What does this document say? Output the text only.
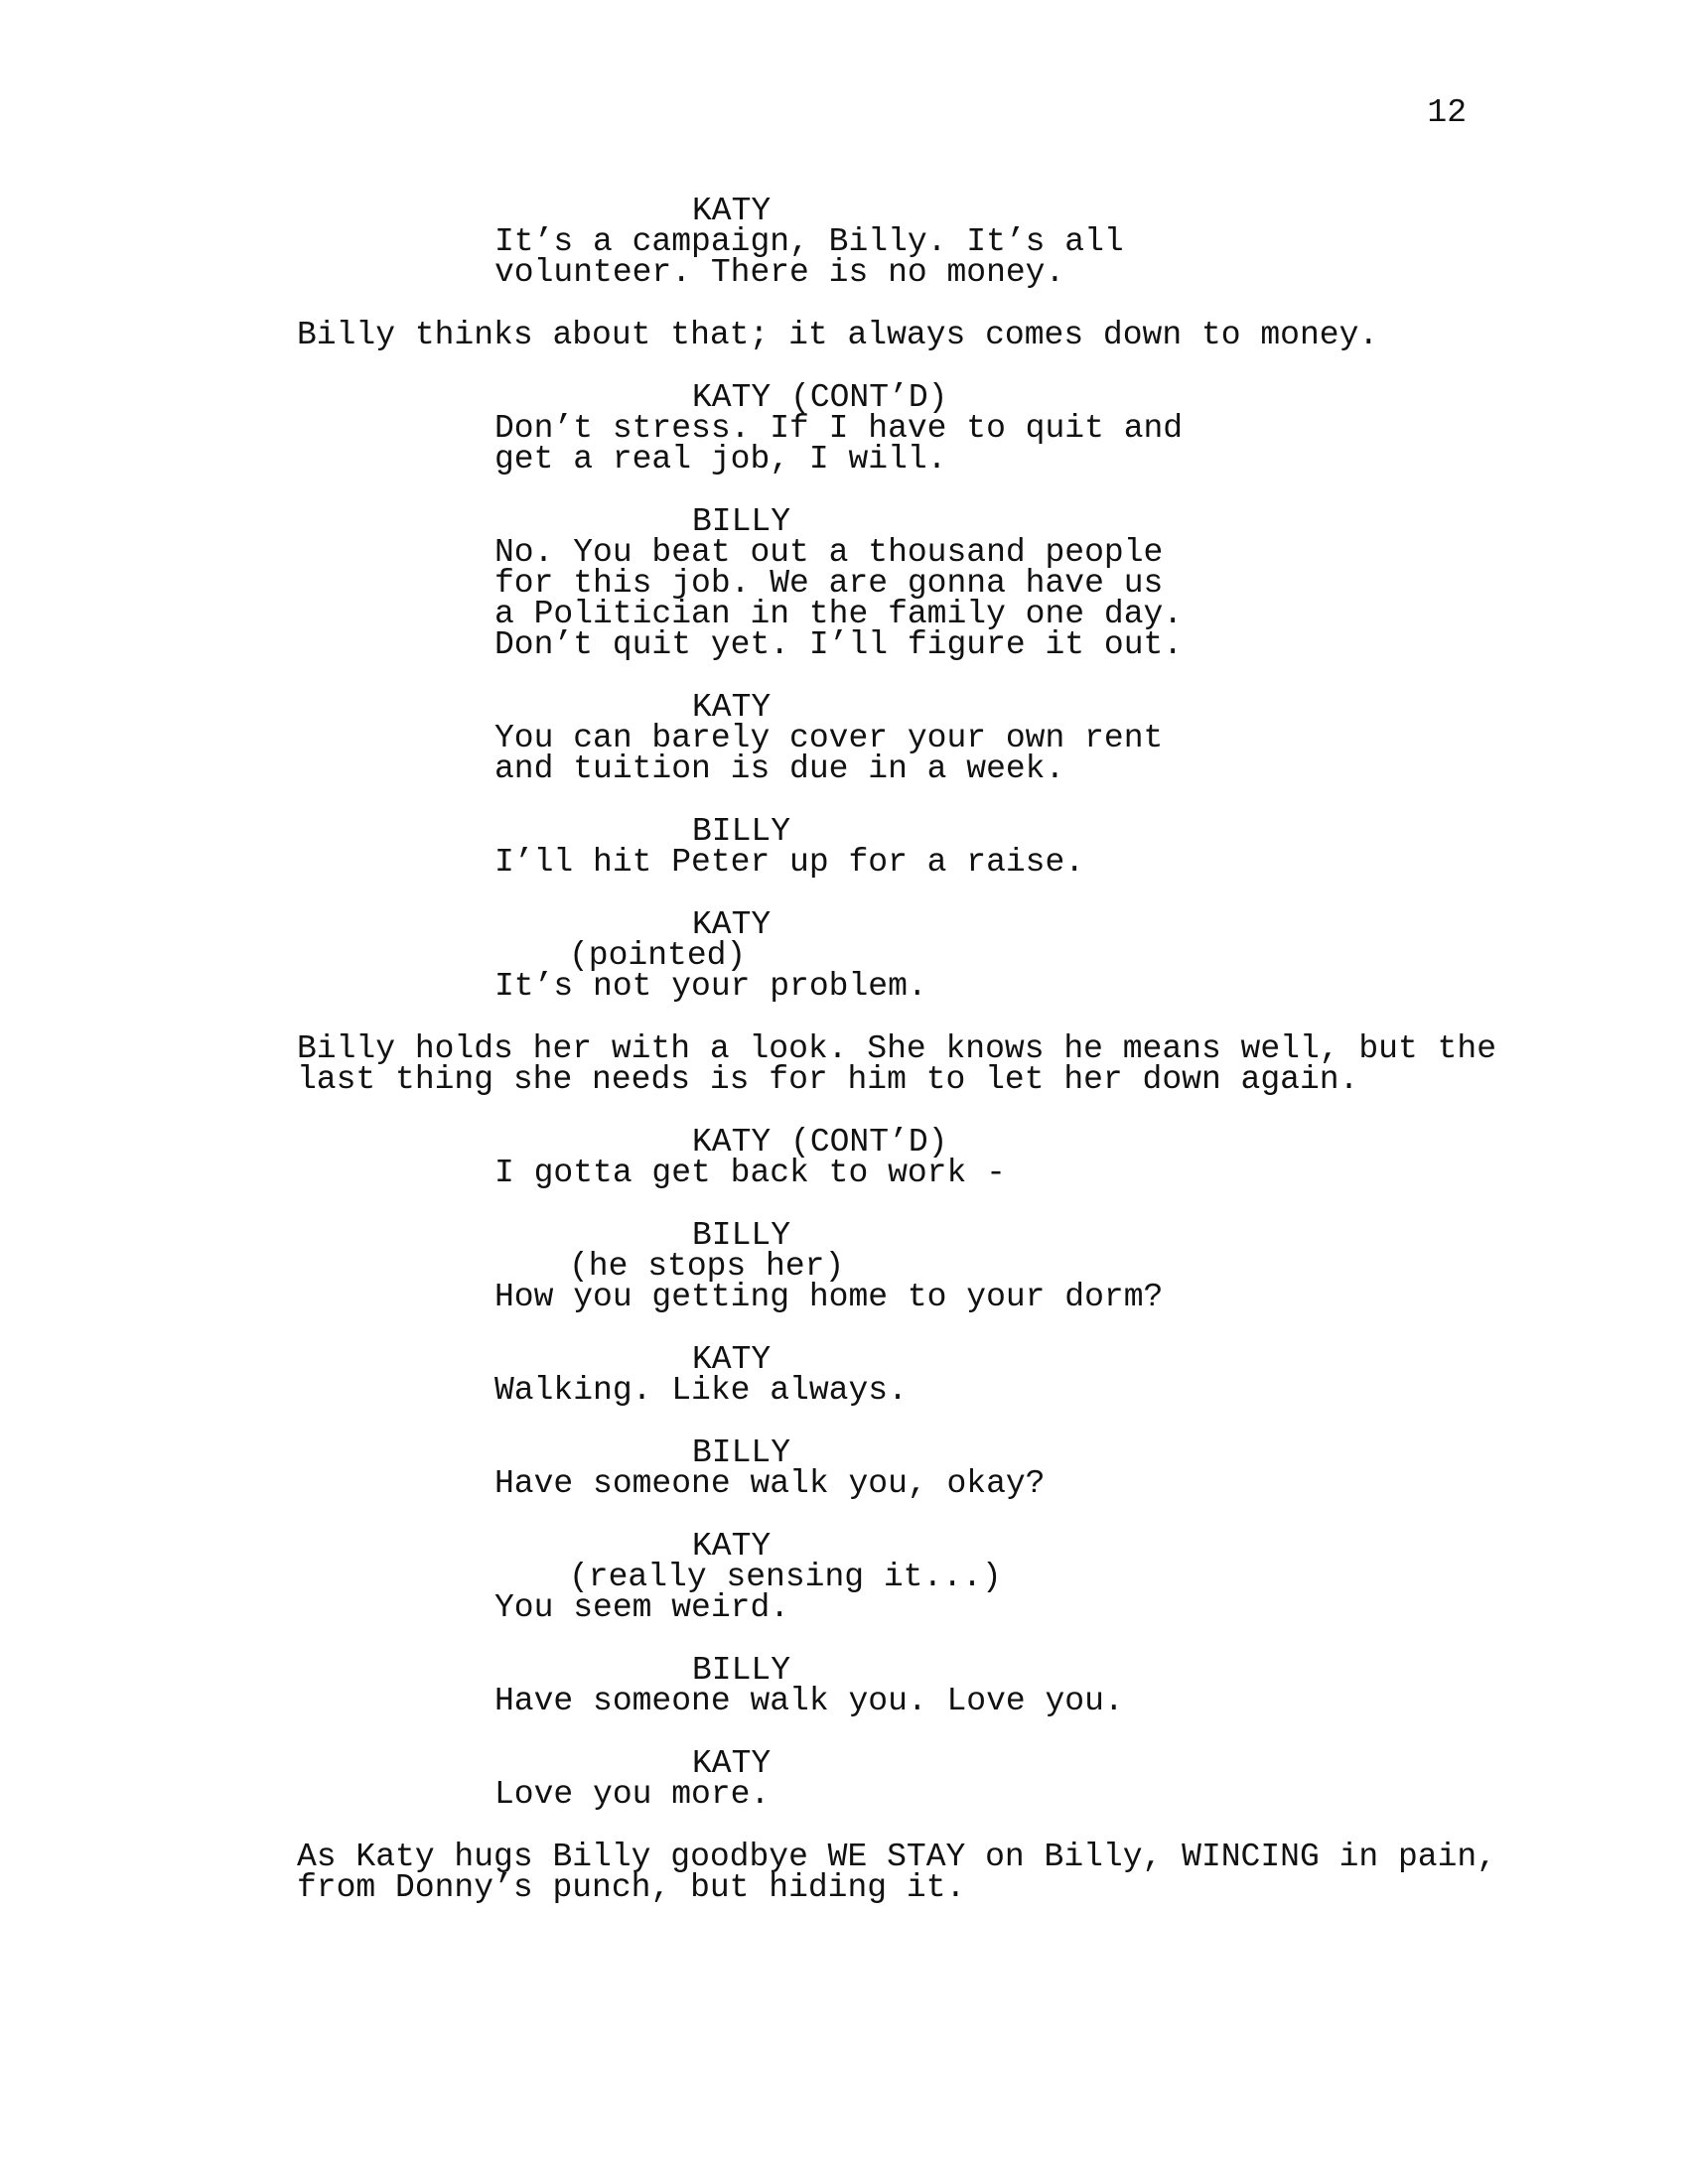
12
KATY
It’s a campaign, Billy. It’s all
volunteer. There is no money.
Billy thinks about that; it always comes down to money.
KATY (CONT’D)
Don’t stress. If I have to quit and
get a real job, I will.
BILLY
No. You beat out a thousand people
for this job. We are gonna have us
a Politician in the family one day.
Don’t quit yet. I’ll figure it out.
KATY
You can barely cover your own rent
and tuition is due in a week.
BILLY
I’ll hit Peter up for a raise.
KATY
(pointed)
It’s not your problem.
Billy holds her with a look. She knows he means well, but the
last thing she needs is for him to let her down again.
KATY (CONT’D)
I gotta get back to work -
BILLY
(he stops her)
How you getting home to your dorm?
KATY
Walking. Like always.
BILLY
Have someone walk you, okay?
KATY
(really sensing it...)
You seem weird.
BILLY
Have someone walk you. Love you.
KATY
Love you more.
As Katy hugs Billy goodbye WE STAY on Billy, WINCING in pain,
from Donny’s punch, but hiding it.
